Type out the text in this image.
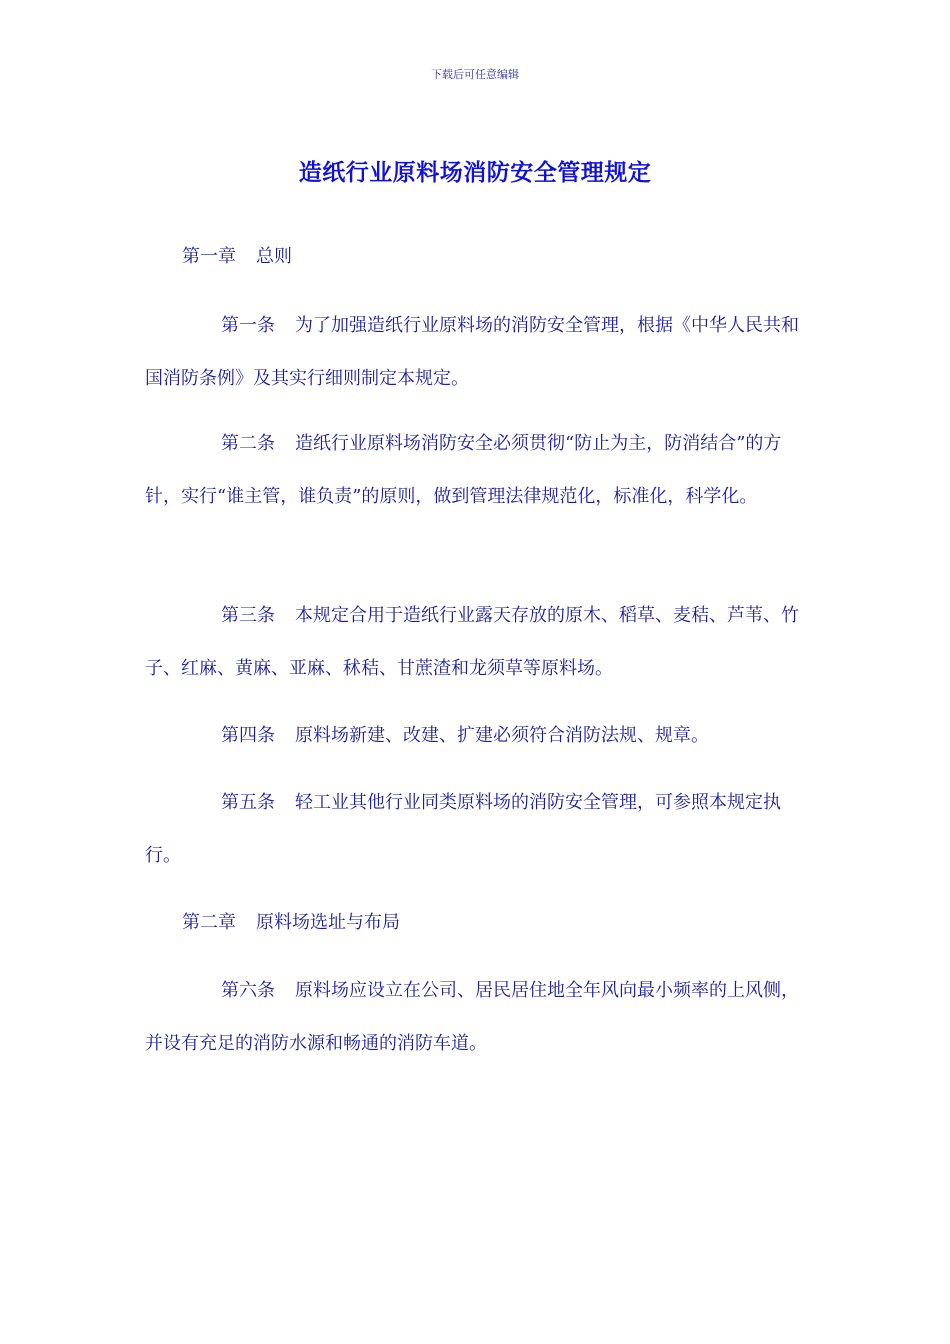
下载后可任意编辑
造纸行业原料场消防安全管理规定
第一章 总则
第一条 为了加强造纸行业原料场的消防安全管理，根据《中华人民共和国消防条例》及其实行细则制定本规定。
第二条 造纸行业原料场消防安全必须贯彻“防止为主，防消结合”的方针，实行“谁主管，谁负责”的原则，做到管理法律规范化，标准化，科学化。
第三条 本规定合用于造纸行业露天存放的原木、稻草、麦秸、芦苇、竹子、红麻、黄麻、亚麻、秫秸、甘蔗渣和龙须草等原料场。
第四条 原料场新建、改建、扩建必须符合消防法规、规章。
第五条 轻工业其他行业同类原料场的消防安全管理，可参照本规定执行。
第二章 原料场选址与布局
第六条 原料场应设立在公司、居民居住地全年风向最小频率的上风侧，并设有充足的消防水源和畅通的消防车道。
